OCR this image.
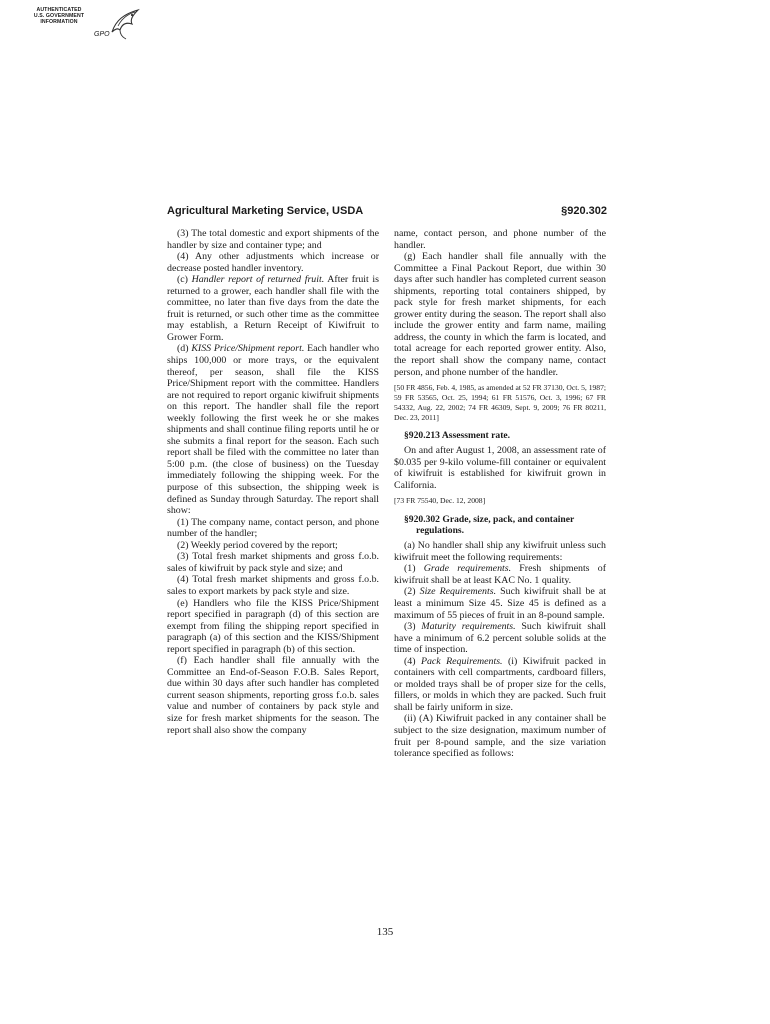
AUTHENTICATED
U.S. GOVERNMENT
INFORMATION
GPO
Agricultural Marketing Service, USDA	§920.302

(3) The total domestic and export shipments of the handler by size and container type; and

(4) Any other adjustments which increase or decrease posted handler inventory.

(c) Handler report of returned fruit. After fruit is returned to a grower, each handler shall file with the committee, no later than five days from the date the fruit is returned, or such other time as the committee may establish, a Return Receipt of Kiwifruit to Grower Form.

(d) KISS Price/Shipment report. Each handler who ships 100,000 or more trays, or the equivalent thereof, per season, shall file the KISS Price/Shipment report with the committee. Handlers are not required to report organic kiwifruit shipments on this report. The handler shall file the report weekly following the first week he or she makes shipments and shall continue filing reports until he or she submits a final report for the season. Each such report shall be filed with the committee no later than 5:00 p.m. (the close of business) on the Tuesday immediately following the shipping week. For the purpose of this subsection, the shipping week is defined as Sunday through Saturday. The report shall show:

(1) The company name, contact person, and phone number of the handler;

(2) Weekly period covered by the report;

(3) Total fresh market shipments and gross f.o.b. sales of kiwifruit by pack style and size; and

(4) Total fresh market shipments and gross f.o.b. sales to export markets by pack style and size.

(e) Handlers who file the KISS Price/Shipment report specified in paragraph (d) of this section are exempt from filing the shipping report specified in paragraph (a) of this section and the KISS/Shipment report specified in paragraph (b) of this section.

(f) Each handler shall file annually with the Committee an End-of-Season F.O.B. Sales Report, due within 30 days after such handler has completed current season shipments, reporting gross f.o.b. sales value and number of containers by pack style and size for fresh market shipments for the season. The report shall also show the company

name, contact person, and phone number of the handler.

(g) Each handler shall file annually with the Committee a Final Packout Report, due within 30 days after such handler has completed current season shipments, reporting total containers shipped, by pack style for fresh market shipments, for each grower entity during the season. The report shall also include the grower entity and farm name, mailing address, the county in which the farm is located, and total acreage for each reported grower entity. Also, the report shall show the company name, contact person, and phone number of the handler.

[50 FR 4856, Feb. 4, 1985, as amended at 52 FR 37130, Oct. 5, 1987; 59 FR 53565, Oct. 25, 1994; 61 FR 51576, Oct. 3, 1996; 67 FR 54332, Aug. 22, 2002; 74 FR 46309, Sept. 9, 2009; 76 FR 80211, Dec. 23, 2011]

§920.213 Assessment rate.

On and after August 1, 2008, an assessment rate of $0.035 per 9-kilo volume-fill container or equivalent of kiwifruit is established for kiwifruit grown in California.

[73 FR 75540, Dec. 12, 2008]

§920.302 Grade, size, pack, and container regulations.

(a) No handler shall ship any kiwifruit unless such kiwifruit meet the following requirements:

(1) Grade requirements. Fresh shipments of kiwifruit shall be at least KAC No. 1 quality.

(2) Size Requirements. Such kiwifruit shall be at least a minimum Size 45. Size 45 is defined as a maximum of 55 pieces of fruit in an 8-pound sample.

(3) Maturity requirements. Such kiwifruit shall have a minimum of 6.2 percent soluble solids at the time of inspection.

(4) Pack Requirements. (i) Kiwifruit packed in containers with cell compartments, cardboard fillers, or molded trays shall be of proper size for the cells, fillers, or molds in which they are packed. Such fruit shall be fairly uniform in size.

(ii) (A) Kiwifruit packed in any container shall be subject to the size designation, maximum number of fruit per 8-pound sample, and the size variation tolerance specified as follows:

135
